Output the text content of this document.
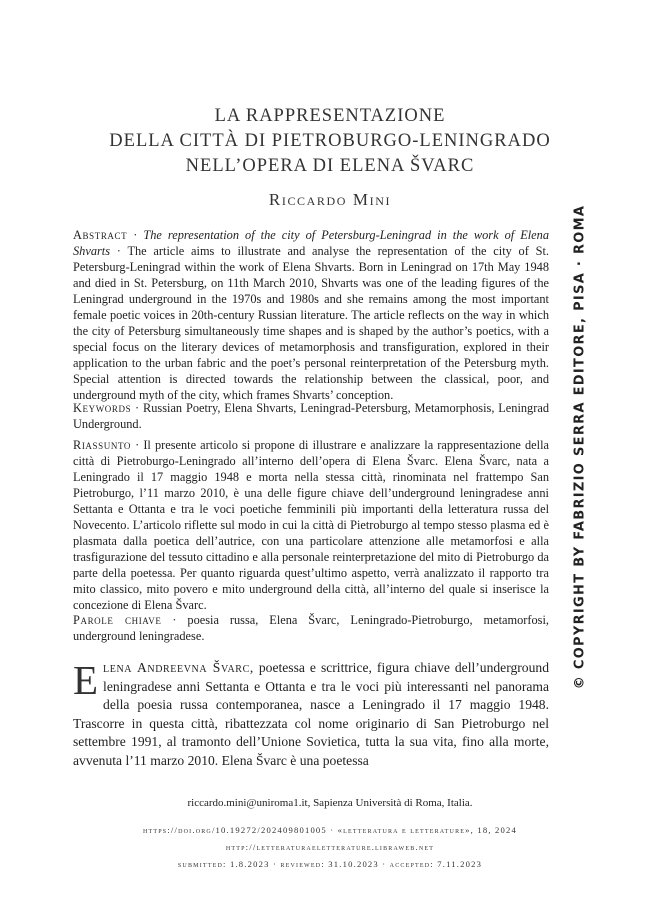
LA RAPPRESENTAZIONE
DELLA CITTÀ DI PIETROBURGO-LENINGRADO
NELL’OPERA DI ELENA ŠVARC
Riccardo Mini
© COPYRIGHT BY FABRIZIO SERRA EDITORE, PISA · ROMA
Abstract · The representation of the city of Petersburg-Leningrad in the work of Elena Shvarts · The article aims to illustrate and analyse the representation of the city of St. Petersburg-Leningrad within the work of Elena Shvarts. Born in Leningrad on 17th May 1948 and died in St. Petersburg, on 11th March 2010, Shvarts was one of the leading figures of the Leningrad underground in the 1970s and 1980s and she remains among the most important female poetic voices in 20th-century Russian literature. The article reflects on the way in which the city of Petersburg simultaneously time shapes and is shaped by the author’s poetics, with a special focus on the literary devices of metamorphosis and transfiguration, explored in their application to the urban fabric and the poet’s personal reinterpretation of the Petersburg myth. Special attention is directed towards the relationship between the classical, poor, and underground myth of the city, which frames Shvarts’ conception.
Keywords · Russian Poetry, Elena Shvarts, Leningrad-Petersburg, Metamorphosis, Leningrad Underground.
Riassunto · Il presente articolo si propone di illustrare e analizzare la rappresentazione della città di Pietroburgo-Leningrado all’interno dell’opera di Elena Švarc. Elena Švarc, nata a Leningrado il 17 maggio 1948 e morta nella stessa città, rinominata nel frattempo San Pietroburgo, l’11 marzo 2010, è una delle figure chiave dell’underground leningradese anni Settanta e Ottanta e tra le voci poetiche femminili più importanti della letteratura russa del Novecento. L’articolo riflette sul modo in cui la città di Pietroburgo al tempo stesso plasma ed è plasmata dalla poetica dell’autrice, con una particolare attenzione alle metamorfosi e alla trasfigurazione del tessuto cittadino e alla personale reinterpretazione del mito di Pietroburgo da parte della poetessa. Per quanto riguarda quest’ultimo aspetto, verrà analizzato il rapporto tra mito classico, mito povero e mito underground della città, all’interno del quale si inserisce la concezione di Elena Švarc.
Parole chiave · poesia russa, Elena Švarc, Leningrado-Pietroburgo, metamorfosi, underground leningradese.
Elena Andreevna Švarc, poetessa e scrittrice, figura chiave dell’underground leningradese anni Settanta e Ottanta e tra le voci più interessanti nel panorama della poesia russa contemporanea, nasce a Leningrado il 17 maggio 1948. Trascorre in questa città, ribattezzata col nome originario di San Pietroburgo nel settembre 1991, al tramonto dell’Unione Sovietica, tutta la sua vita, fino alla morte, avvenuta l’11 marzo 2010. Elena Švarc è una poetessa
riccardo.mini@uniroma1.it, Sapienza Università di Roma, Italia.
https://doi.org/10.19272/202409801005 · «letteratura e letterature», 18, 2024
http://letteraturaeletterature.libraweb.net
submitted: 1.8.2023 · reviewed: 31.10.2023 · accepted: 7.11.2023
